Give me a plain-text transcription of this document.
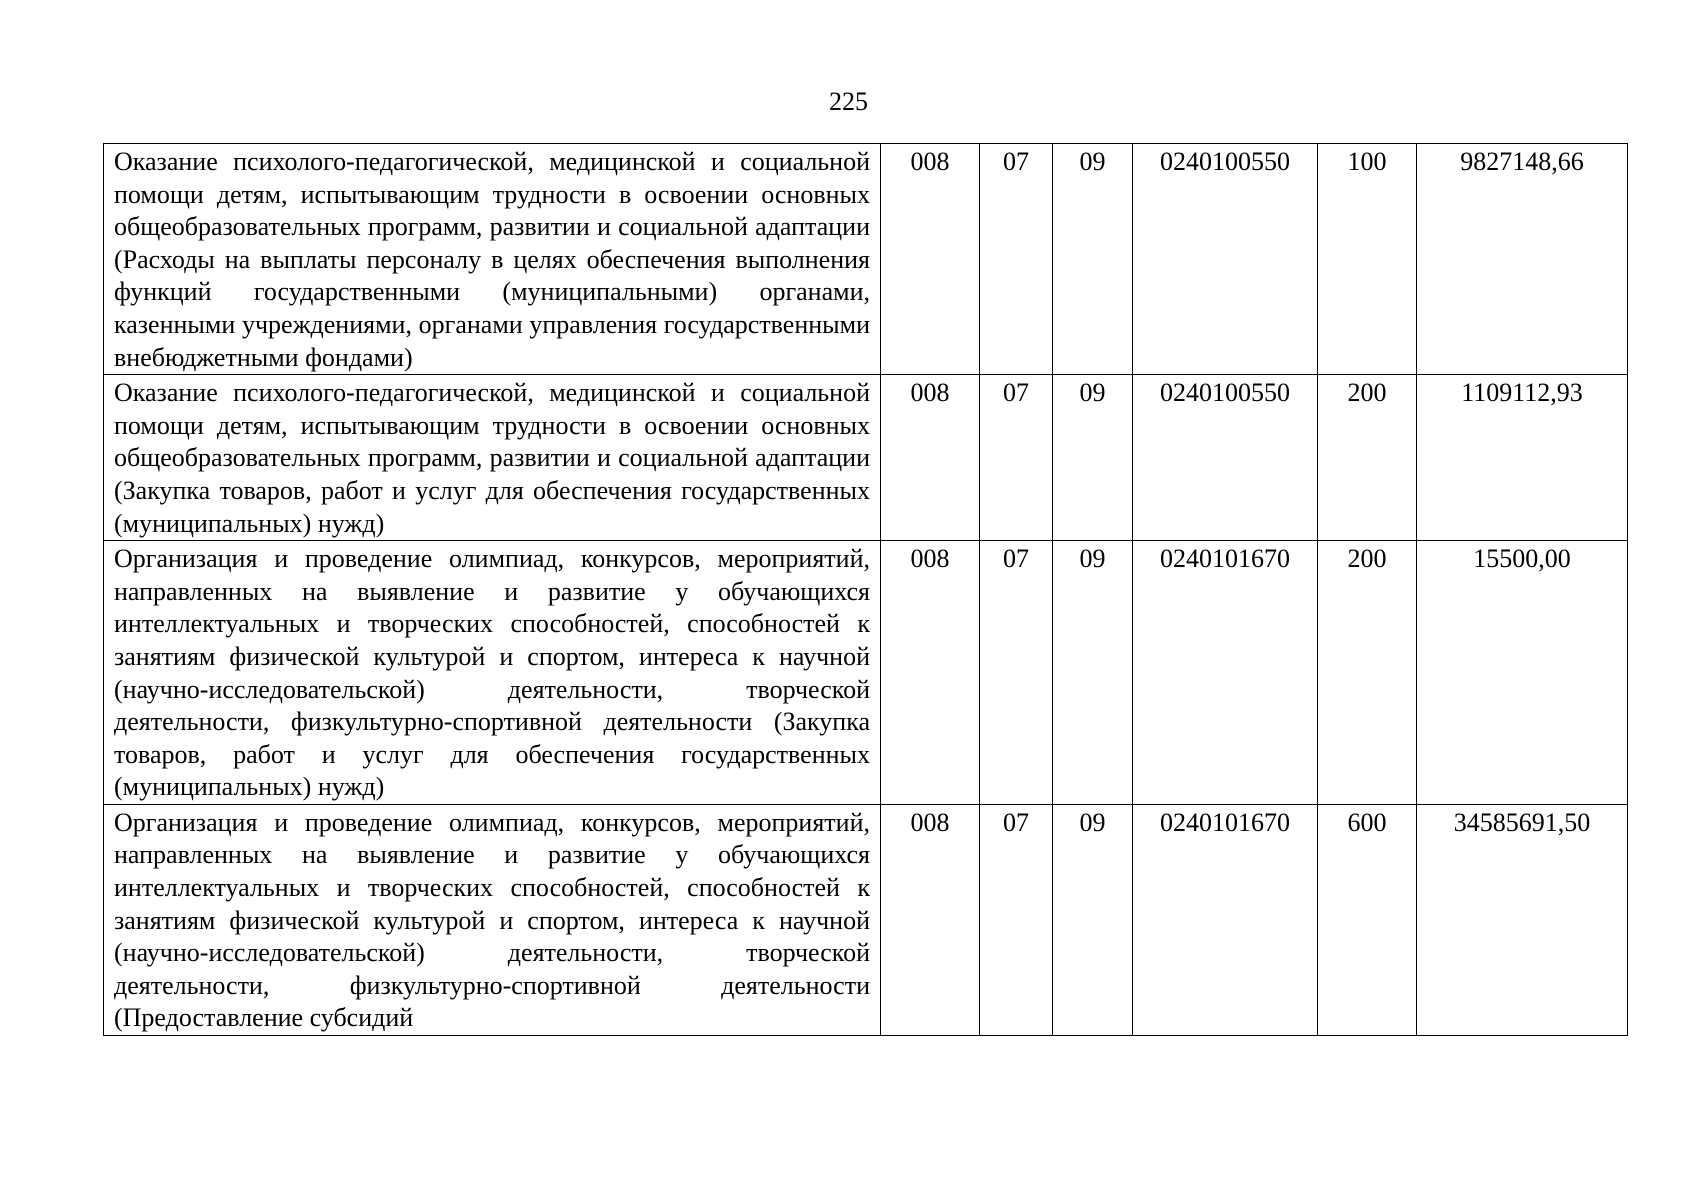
225
Оказание психолого-педагогической, медицинской и социальной помощи детям, испытывающим трудности в освоении основных общеобразовательных программ, развитии и социальной адаптации (Расходы на выплаты персоналу в целях обеспечения выполнения функций государственными (муниципальными) органами, казенными учреждениями, органами управления государственными внебюджетными фондами)	008	07	09	0240100550	100	9827148,66
Оказание психолого-педагогической, медицинской и социальной помощи детям, испытывающим трудности в освоении основных общеобразовательных программ, развитии и социальной адаптации (Закупка товаров, работ и услуг для обеспечения государственных (муниципальных) нужд)	008	07	09	0240100550	200	1109112,93
Организация и проведение олимпиад, конкурсов, мероприятий, направленных на выявление и развитие у обучающихся интеллектуальных и творческих способностей, способностей к занятиям физической культурой и спортом, интереса к научной (научно-исследовательской) деятельности, творческой деятельности, физкультурно-спортивной деятельности (Закупка товаров, работ и услуг для обеспечения государственных (муниципальных) нужд)	008	07	09	0240101670	200	15500,00

Организация и проведение олимпиад, конкурсов, мероприятий, направленных на выявление и развитие у обучающихся интеллектуальных и творческих способностей, способностей к занятиям физической культурой и спортом, интереса к научной (научно-исследовательской) деятельности, творческой деятельности, физкультурно-спортивной деятельности (Предоставление субсидий	008	07	09	0240101670	600	34585691,50
